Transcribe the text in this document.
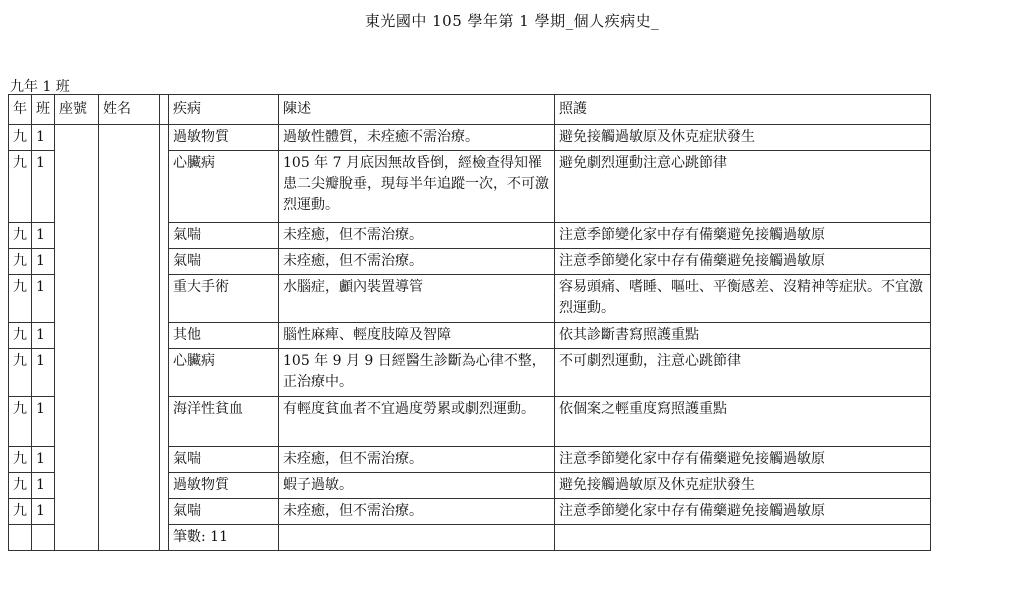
東光國中 105 學年第 1 學期_個人疾病史_
九年 1 班
年	班	座號	姓名		疾病	陳述	照護
九	1				過敏物質	過敏性體質，未痊癒不需治療。	避免接觸過敏原及休克症狀發生
九	1				心臟病	105 年 7 月底因無故昏倒，經檢查得知罹患二尖瓣脫垂，現每半年追蹤一次，不可激烈運動。	避免劇烈運動注意心跳節律
九	1				氣喘	未痊癒，但不需治療。	注意季節變化家中存有備藥避免接觸過敏原
九	1				氣喘	未痊癒，但不需治療。	注意季節變化家中存有備藥避免接觸過敏原
九	1				重大手術	水腦症，顱內裝置導管	容易頭痛、嗜睡、嘔吐、平衡感差、沒精神等症狀。不宜激烈運動。
九	1				其他	腦性麻痺、輕度肢障及智障	依其診斷書寫照護重點
九	1				心臟病	105 年 9 月 9 日經醫生診斷為心律不整，正治療中。	不可劇烈運動，注意心跳節律
九	1				海洋性貧血	有輕度貧血者不宜過度勞累或劇烈運動。	依個案之輕重度寫照護重點
九	1				氣喘	未痊癒，但不需治療。	注意季節變化家中存有備藥避免接觸過敏原
九	1				過敏物質	蝦子過敏。	避免接觸過敏原及休克症狀發生
九	1				氣喘	未痊癒，但不需治療。	注意季節變化家中存有備藥避免接觸過敏原
					筆數: 11		
